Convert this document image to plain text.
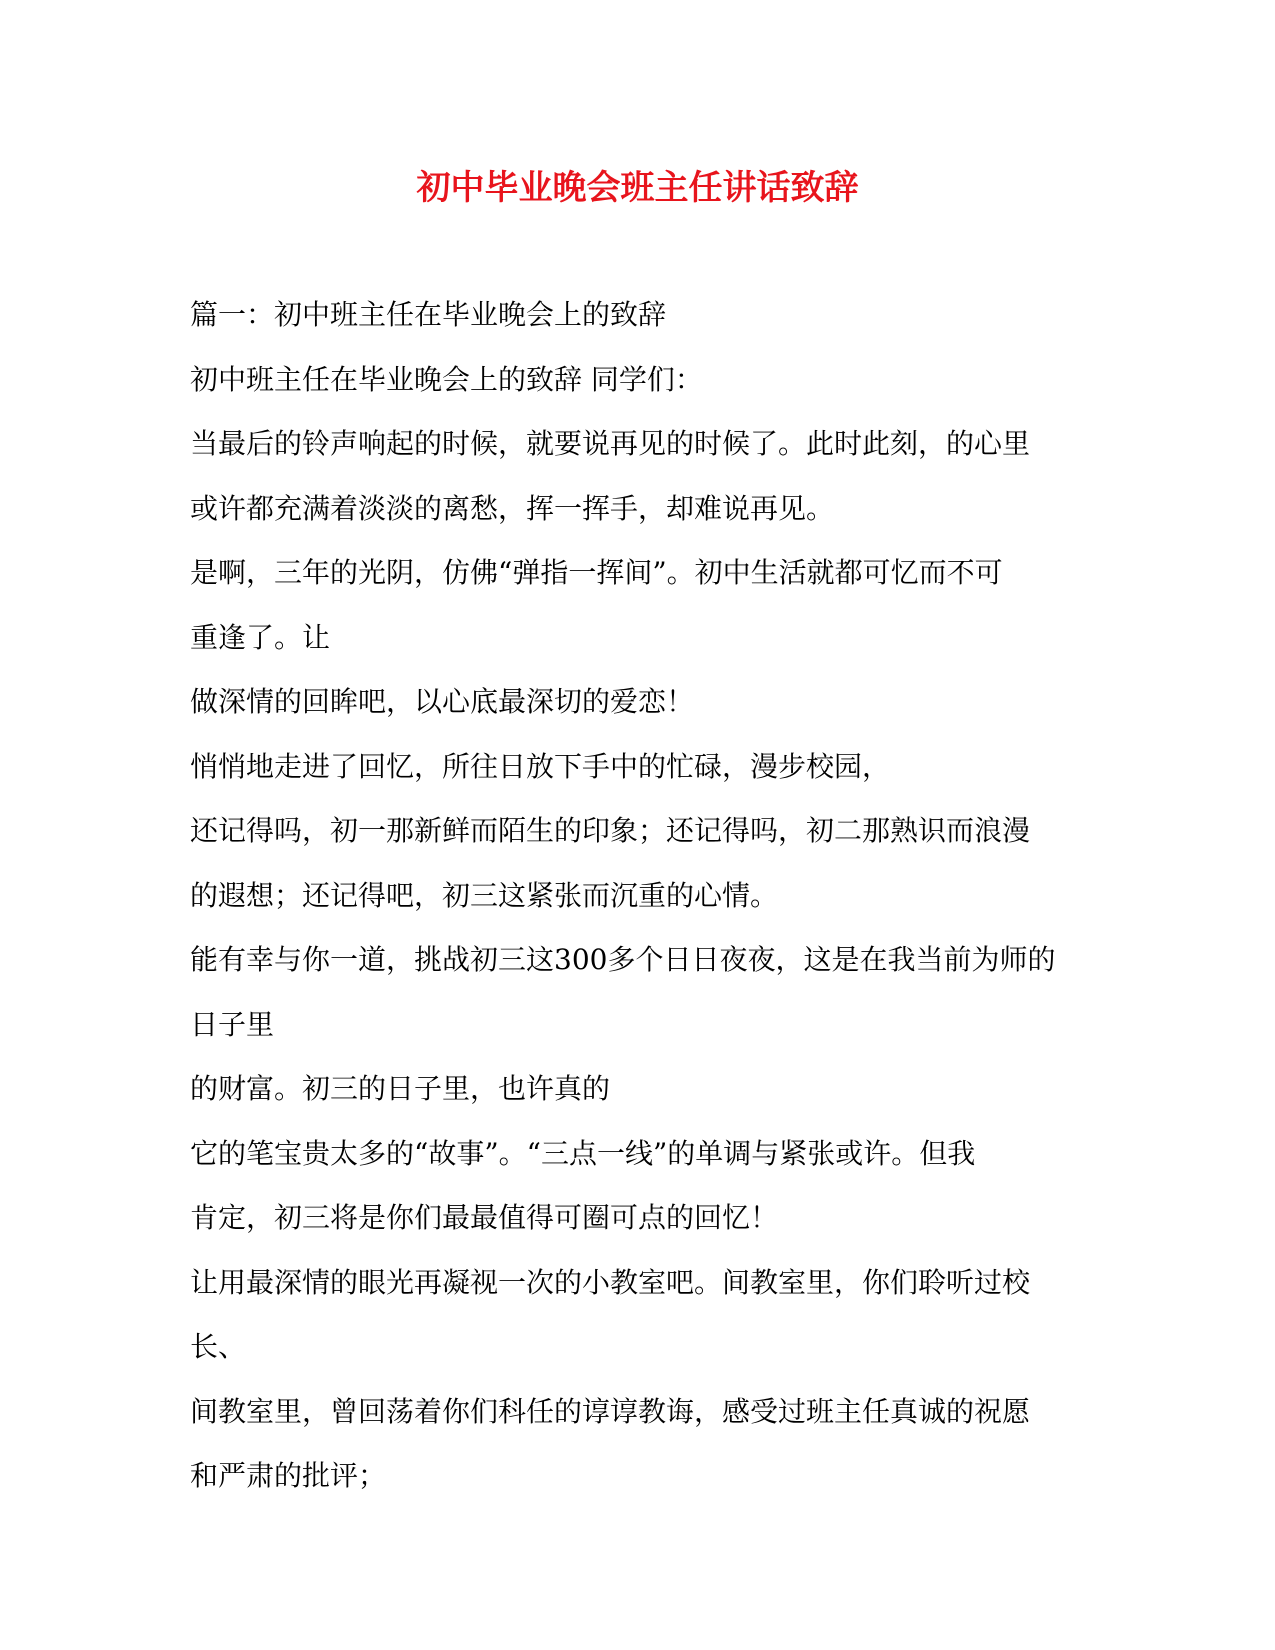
初中毕业晚会班主任讲话致辞

篇一：初中班主任在毕业晚会上的致辞

初中班主任在毕业晚会上的致辞 同学们：

当最后的铃声响起的时候，就要说再见的时候了。此时此刻，的心里

或许都充满着淡淡的离愁，挥一挥手，却难说再见。

是啊，三年的光阴，仿佛“弹指一挥间”。初中生活就都可忆而不可

重逢了。让

做深情的回眸吧，以心底最深切的爱恋！

悄悄地走进了回忆，所往日放下手中的忙碌，漫步校园，

还记得吗，初一那新鲜而陌生的印象；还记得吗，初二那熟识而浪漫

的遐想；还记得吧，初三这紧张而沉重的心情。

能有幸与你一道，挑战初三这300多个日日夜夜，这是在我当前为师的

日子里

的财富。初三的日子里，也许真的

它的笔宝贵太多的“故事”。“三点一线”的单调与紧张或许。但我

肯定，初三将是你们最最值得可圈可点的回忆！

让用最深情的眼光再凝视一次的小教室吧。间教室里，你们聆听过校

长、

间教室里，曾回荡着你们科任的谆谆教诲，感受过班主任真诚的祝愿

和严肃的批评；
